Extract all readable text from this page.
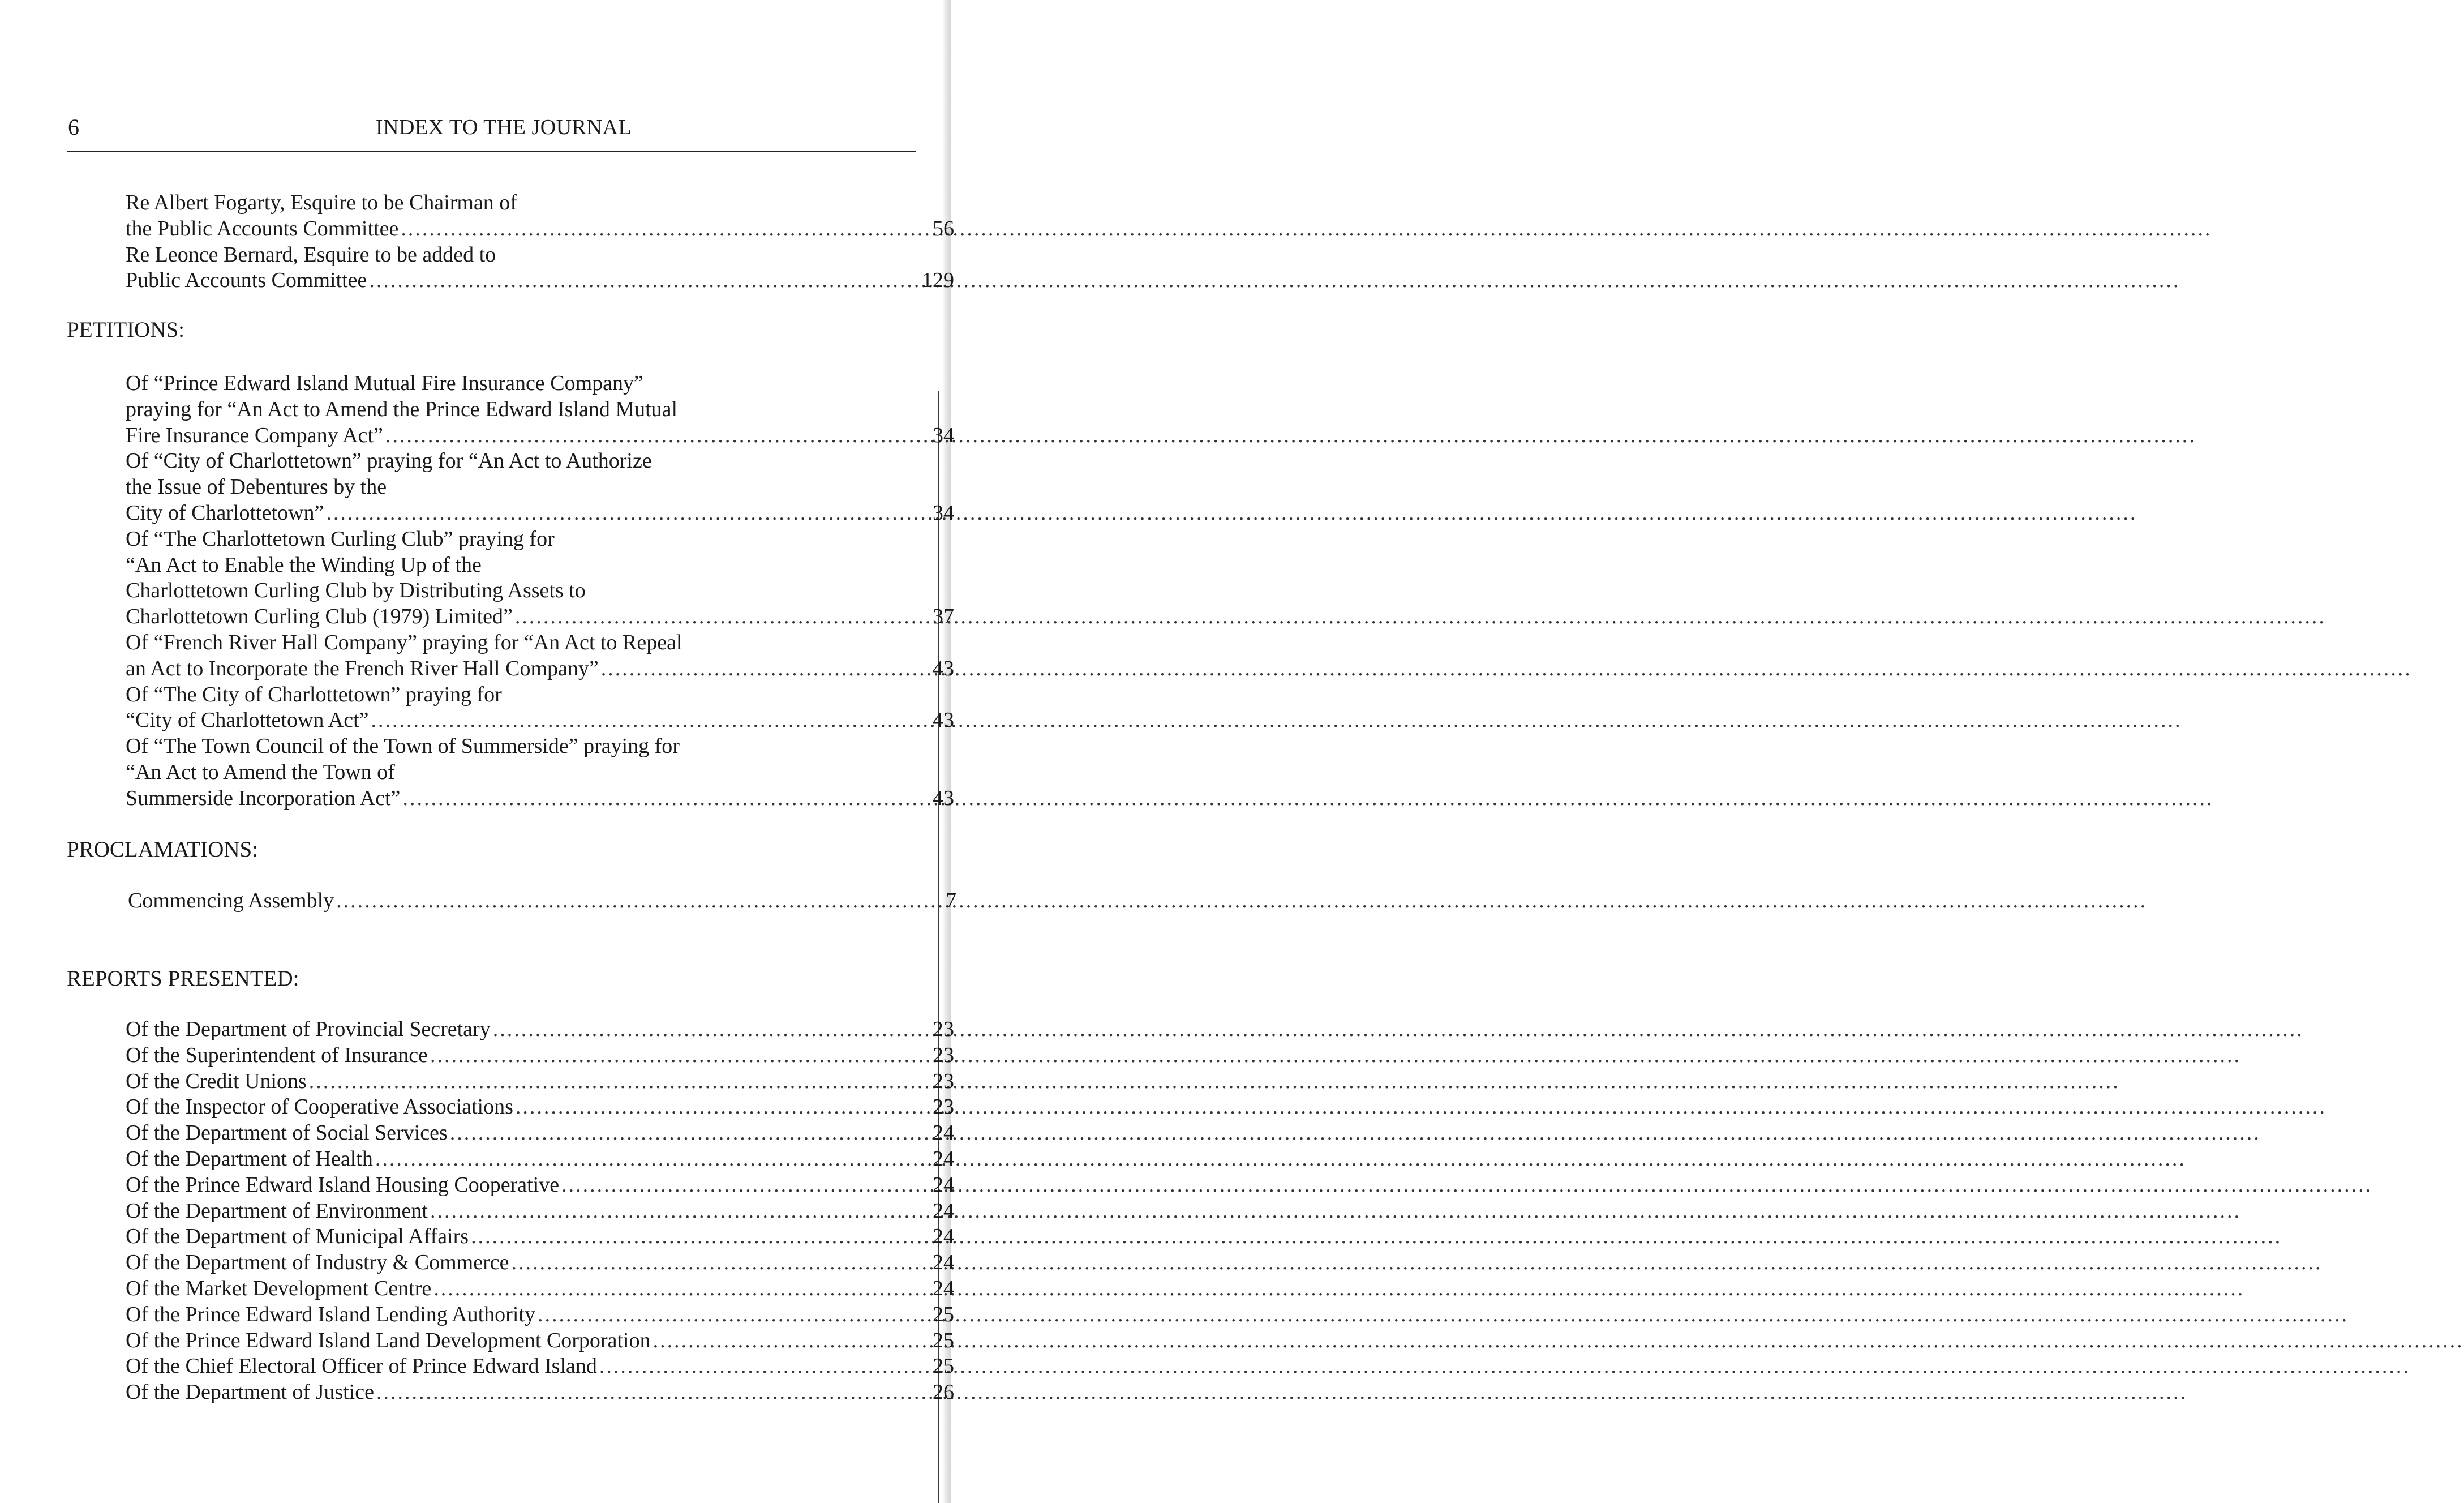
6	INDEX TO THE JOURNAL
Re Albert Fogarty, Esquire to be Chairman of
the Public Accounts Committee .....	56
Re Leonce Bernard, Esquire to be added to
Public Accounts Committee .....	129
PETITIONS:
Of “Prince Edward Island Mutual Fire Insurance Company”
praying for “An Act to Amend the Prince Edward Island Mutual
Fire Insurance Company Act” .....	34
Of “City of Charlottetown” praying for “An Act to Authorize
the Issue of Debentures by the
City of Charlottetown” .....	34
Of “The Charlottetown Curling Club” praying for
“An Act to Enable the Winding Up of the
Charlottetown Curling Club by Distributing Assets to
Charlottetown Curling Club (1979) Limited” .....	37
Of “French River Hall Company” praying for “An Act to Repeal
an Act to Incorporate the French River Hall Company” .....	43
Of “The City of Charlottetown” praying for
“City of Charlottetown Act” .....	43
Of “The Town Council of the Town of Summerside” praying for
“An Act to Amend the Town of
Summerside Incorporation Act” .....	43
PROCLAMATIONS:
Commencing Assembly .....	7
REPORTS PRESENTED:
Of the Department of Provincial Secretary .....	23
Of the Superintendent of Insurance .....	23
Of the Credit Unions .....	23
Of the Inspector of Cooperative Associations .....	23
Of the Department of Social Services .....	24
Of the Department of Health .....	24
Of the Prince Edward Island Housing Cooperative .....	24
Of the Department of Environment .....	24
Of the Department of Municipal Affairs .....	24
Of the Department of Industry & Commerce .....	24
Of the Market Development Centre .....	24
Of the Prince Edward Island Lending Authority .....	25
Of the Prince Edward Island Land Development Corporation .....	25
Of the Chief Electoral Officer of Prince Edward Island .....	25
Of the Department of Justice .....	26
